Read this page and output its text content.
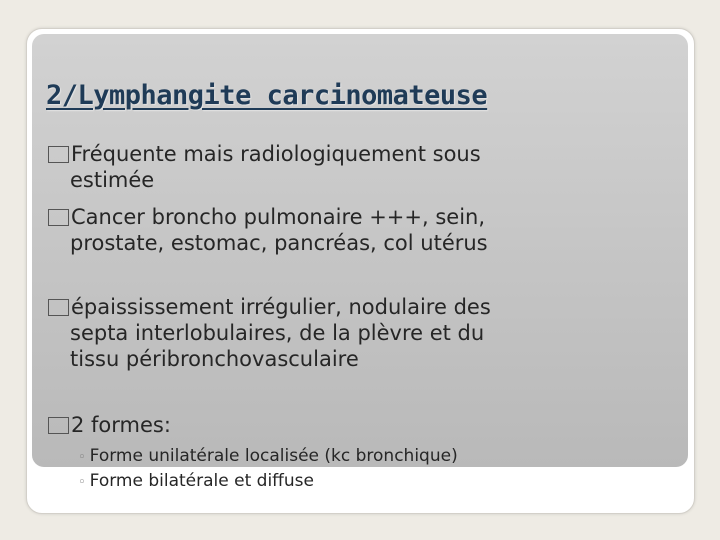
2/Lymphangite carcinomateuse
Fréquente mais radiologiquement sous
estimée
Cancer broncho pulmonaire +++, sein,
prostate, estomac, pancréas, col utérus
épaississement irrégulier, nodulaire des
septa interlobulaires, de la plèvre et du
tissu péribronchovasculaire
2 formes:
◦ Forme unilatérale localisée (kc bronchique)
◦ Forme bilatérale et diffuse
